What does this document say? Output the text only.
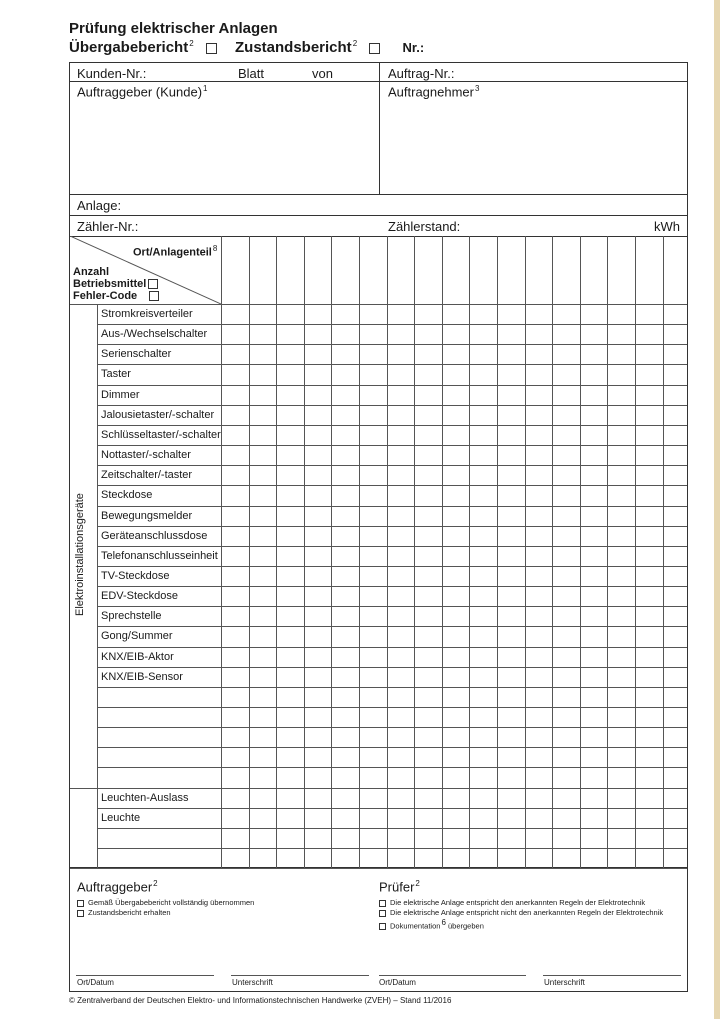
Prüfung elektrischer Anlagen
Übergabebericht$^2$	Zustandsbericht$^2$	Nr.:
Kunden-Nr.:	Blatt	von	Auftrag-Nr.:
Auftraggeber (Kunde)$^1$	Auftragnehmer$^3$
Anlage:
Zähler-Nr.:	Zählerstand:	kWh
Ort/Anlagenteil$^8$
Anzahl
Betriebsmittel
Fehler-Code
Elektroinstallationsgeräte
Stromkreisverteiler
Aus-/Wechselschalter
Serienschalter
Taster
Dimmer
Jalousietaster/-schalter
Schlüsseltaster/-schalter
Nottaster/-schalter
Zeitschalter/-taster
Steckdose
Bewegungsmelder
Geräteanschlussdose
Telefonanschlusseinheit
TV-Steckdose
EDV-Steckdose
Sprechstelle
Gong/Summer
KNX/EIB-Aktor
KNX/EIB-Sensor
Leuchten-Auslass
Leuchte
Auftraggeber$^2$
Gemäß Übergabebericht vollständig übernommen
Zustandsbericht erhalten
Prüfer$^2$
Die elektrische Anlage entspricht den anerkannten Regeln der Elektrotechnik
Die elektrische Anlage entspricht nicht den anerkannten Regeln der Elektrotechnik
Dokumentation6 übergeben
Ort/Datum	Unterschrift	Ort/Datum	Unterschrift
© Zentralverband der Deutschen Elektro- und Informationstechnischen Handwerke (ZVEH) – Stand 11/2016
